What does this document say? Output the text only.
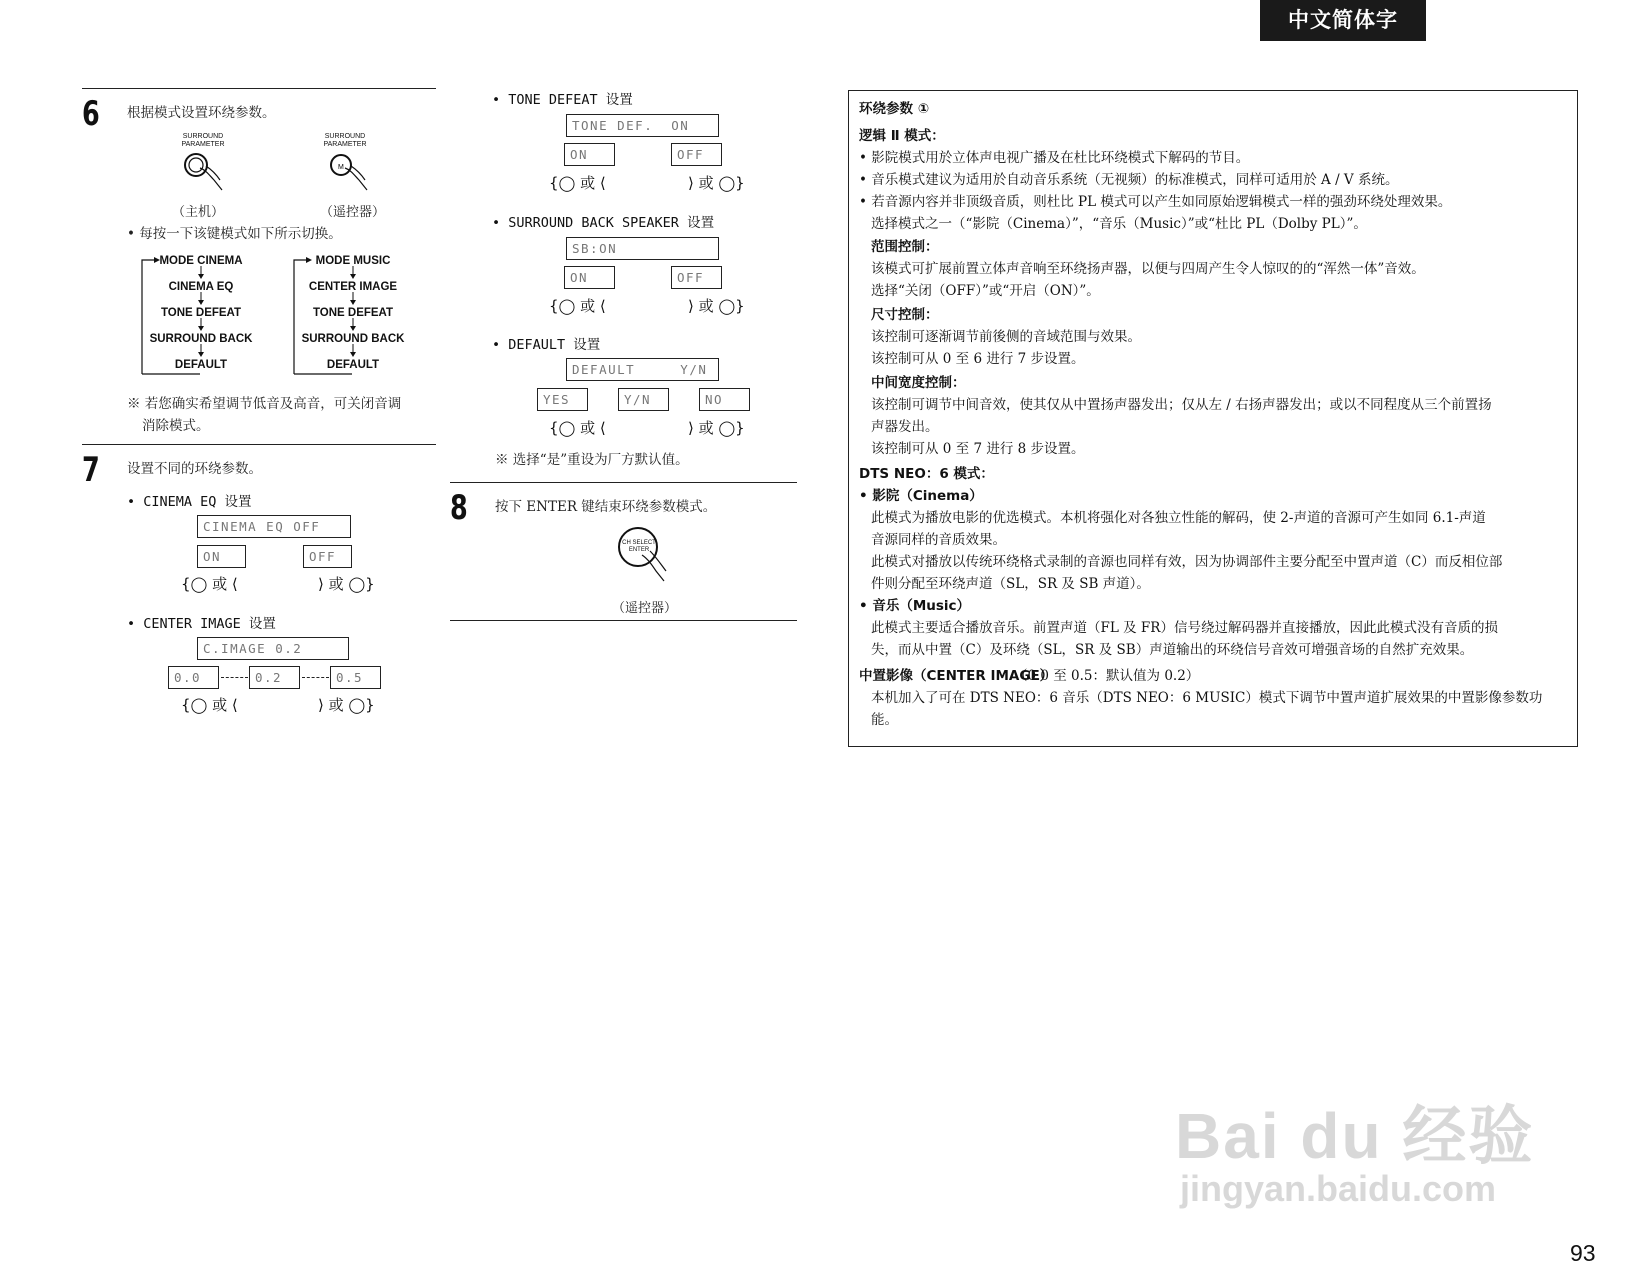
中文简体字
6 根据模式设置环绕参数。
SURROUND PARAMETER
（主机）
SURROUND PARAMETER
M
（遥控器）
• 每按一下该键模式如下所示切换。
MODE CINEMA
CINEMA EQ
TONE DEFEAT
SURROUND BACK
DEFAULT
MODE MUSIC
CENTER IMAGE
TONE DEFEAT
SURROUND BACK
DEFAULT
※ 若您确实希望调节低音及高音，可关闭音调
消除模式。
7 设置不同的环绕参数。
• CINEMA EQ 设置
CINEMA EQ OFF
ON	OFF
{◯ 或 ⟨	⟩ 或 ◯}
• CENTER IMAGE 设置
C.IMAGE 0.2
0.0	0.2	0.5
{◯ 或 ⟨	⟩ 或 ◯}
• TONE DEFEAT 设置
TONE DEF.  ON
ON	OFF
{◯ 或 ⟨	⟩ 或 ◯}
• SURROUND BACK SPEAKER 设置
SB:ON
ON	OFF
{◯ 或 ⟨	⟩ 或 ◯}
• DEFAULT 设置
DEFAULT     Y/N
YES	Y/N	NO
{◯ 或 ⟨	⟩ 或 ◯}
※ 选择“是”重设为厂方默认值。
8 按下 ENTER 键结束环绕参数模式。
CH SELECT ENTER
（遥控器）
环绕参数 ①
逻辑 Ⅱ 模式：
• 影院模式用於立体声电视广播及在杜比环绕模式下解码的节目。
• 音乐模式建议为适用於自动音乐系统（无视频）的标准模式，同样可适用於 A / V 系统。
• 若音源内容并非顶级音质，则杜比 PL 模式可以产生如同原始逻辑模式一样的强劲环绕处理效果。
选择模式之一（“影院（Cinema）”，“音乐（Music）”或“杜比 PL（Dolby PL）”。
范围控制：
该模式可扩展前置立体声音响至环绕扬声器，以便与四周产生令人惊叹的的“浑然一体”音效。
选择“关闭（OFF）”或“开启（ON）”。
尺寸控制：
该控制可逐渐调节前後侧的音域范围与效果。
该控制可从 0 至 6 进行 7 步设置。
中间宽度控制：
该控制可调节中间音效，使其仅从中置扬声器发出；仅从左 / 右扬声器发出；或以不同程度从三个前置扬
声器发出。
该控制可从 0 至 7 进行 8 步设置。
DTS NEO：6 模式：
• 影院（Cinema）
此模式为播放电影的优选模式。本机将强化对各独立性能的解码，使 2-声道的音源可产生如同 6.1-声道
音源同样的音质效果。
此模式对播放以传统环绕格式录制的音源也同样有效，因为协调部件主要分配至中置声道（C）而反相位部
件则分配至环绕声道（SL，SR 及 SB 声道）。
• 音乐（Music）
此模式主要适合播放音乐。前置声道（FL 及 FR）信号绕过解码器并直接播放，因此此模式没有音质的损
失，而从中置（C）及环绕（SL，SR 及 SB）声道输出的环绕信号音效可增强音场的自然扩充效果。
中置影像（CENTER IMAGE）
（0.0 至 0.5：默认值为 0.2）
本机加入了可在 DTS NEO：6 音乐（DTS NEO：6 MUSIC）模式下调节中置声道扩展效果的中置影像参数功
能。
Bai du 经验
jingyan.baidu.com
93
